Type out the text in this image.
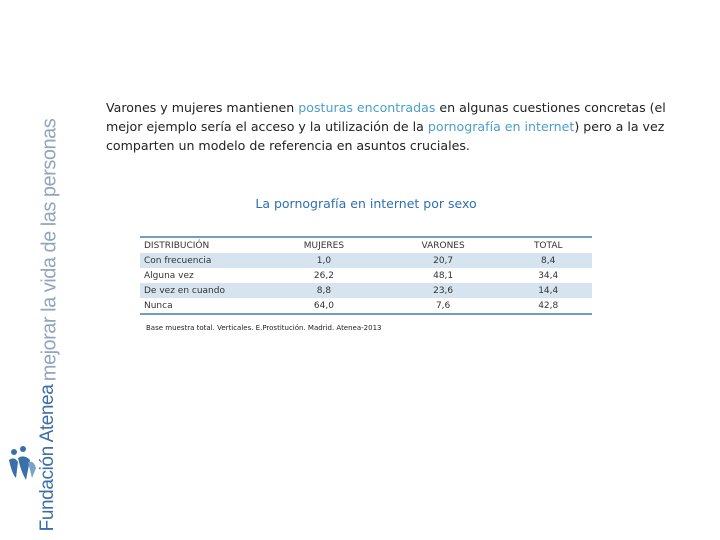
mejorar la vida de las personas
Fundación Atenea

Varones y mujeres mantienen posturas encontradas en algunas cuestiones concretas (el mejor ejemplo sería el acceso y la utilización de la pornografía en internet) pero a la vez comparten un modelo de referencia en asuntos cruciales.

La pornografía en internet por sexo
DISTRIBUCIÓN	MUJERES	VARONES	TOTAL
Con frecuencia	1,0	20,7	8,4
Alguna vez	26,2	48,1	34,4
De vez en cuando	8,8	23,6	14,4
Nunca	64,0	7,6	42,8
Base muestra total. Verticales. E.Prostitución. Madrid. Atenea-2013
